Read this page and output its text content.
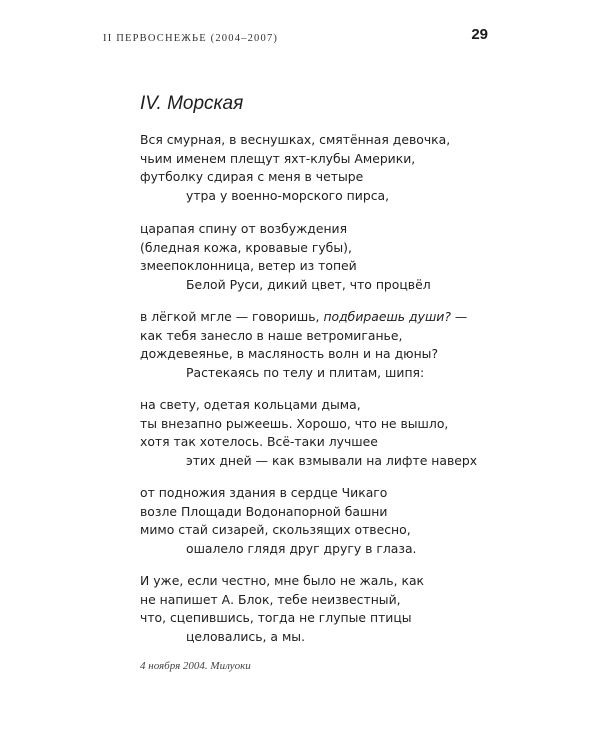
II ПЕРВОСНЕЖЬЕ (2004–2007)	29
IV. Морская
Вся смурная, в веснушках, смятённая девочка,
чьим именем плещут яхт-клубы Америки,
футболку сдирая с меня в четыре
утра у военно-морского пирса,
царапая спину от возбуждения
(бледная кожа, кровавые губы),
змеепоклонница, ветер из топей
Белой Руси, дикий цвет, что процвёл
в лёгкой мгле — говоришь, подбираешь души? —
как тебя занесло в наше ветромиганье,
дождевеянье, в масляность волн и на дюны?
Растекаясь по телу и плитам, шипя:
на свету, одетая кольцами дыма,
ты внезапно рыжеешь. Хорошо, что не вышло,
хотя так хотелось. Всё-таки лучшее
этих дней — как взмывали на лифте наверх
от подножия здания в сердце Чикаго
возле Площади Водонапорной башни
мимо стай сизарей, скользящих отвесно,
ошалело глядя друг другу в глаза.
И уже, если честно, мне было не жаль, как
не напишет А. Блок, тебе неизвестный,
что, сцепившись, тогда не глупые птицы
целовались, а мы.
4 ноября 2004. Милуоки
